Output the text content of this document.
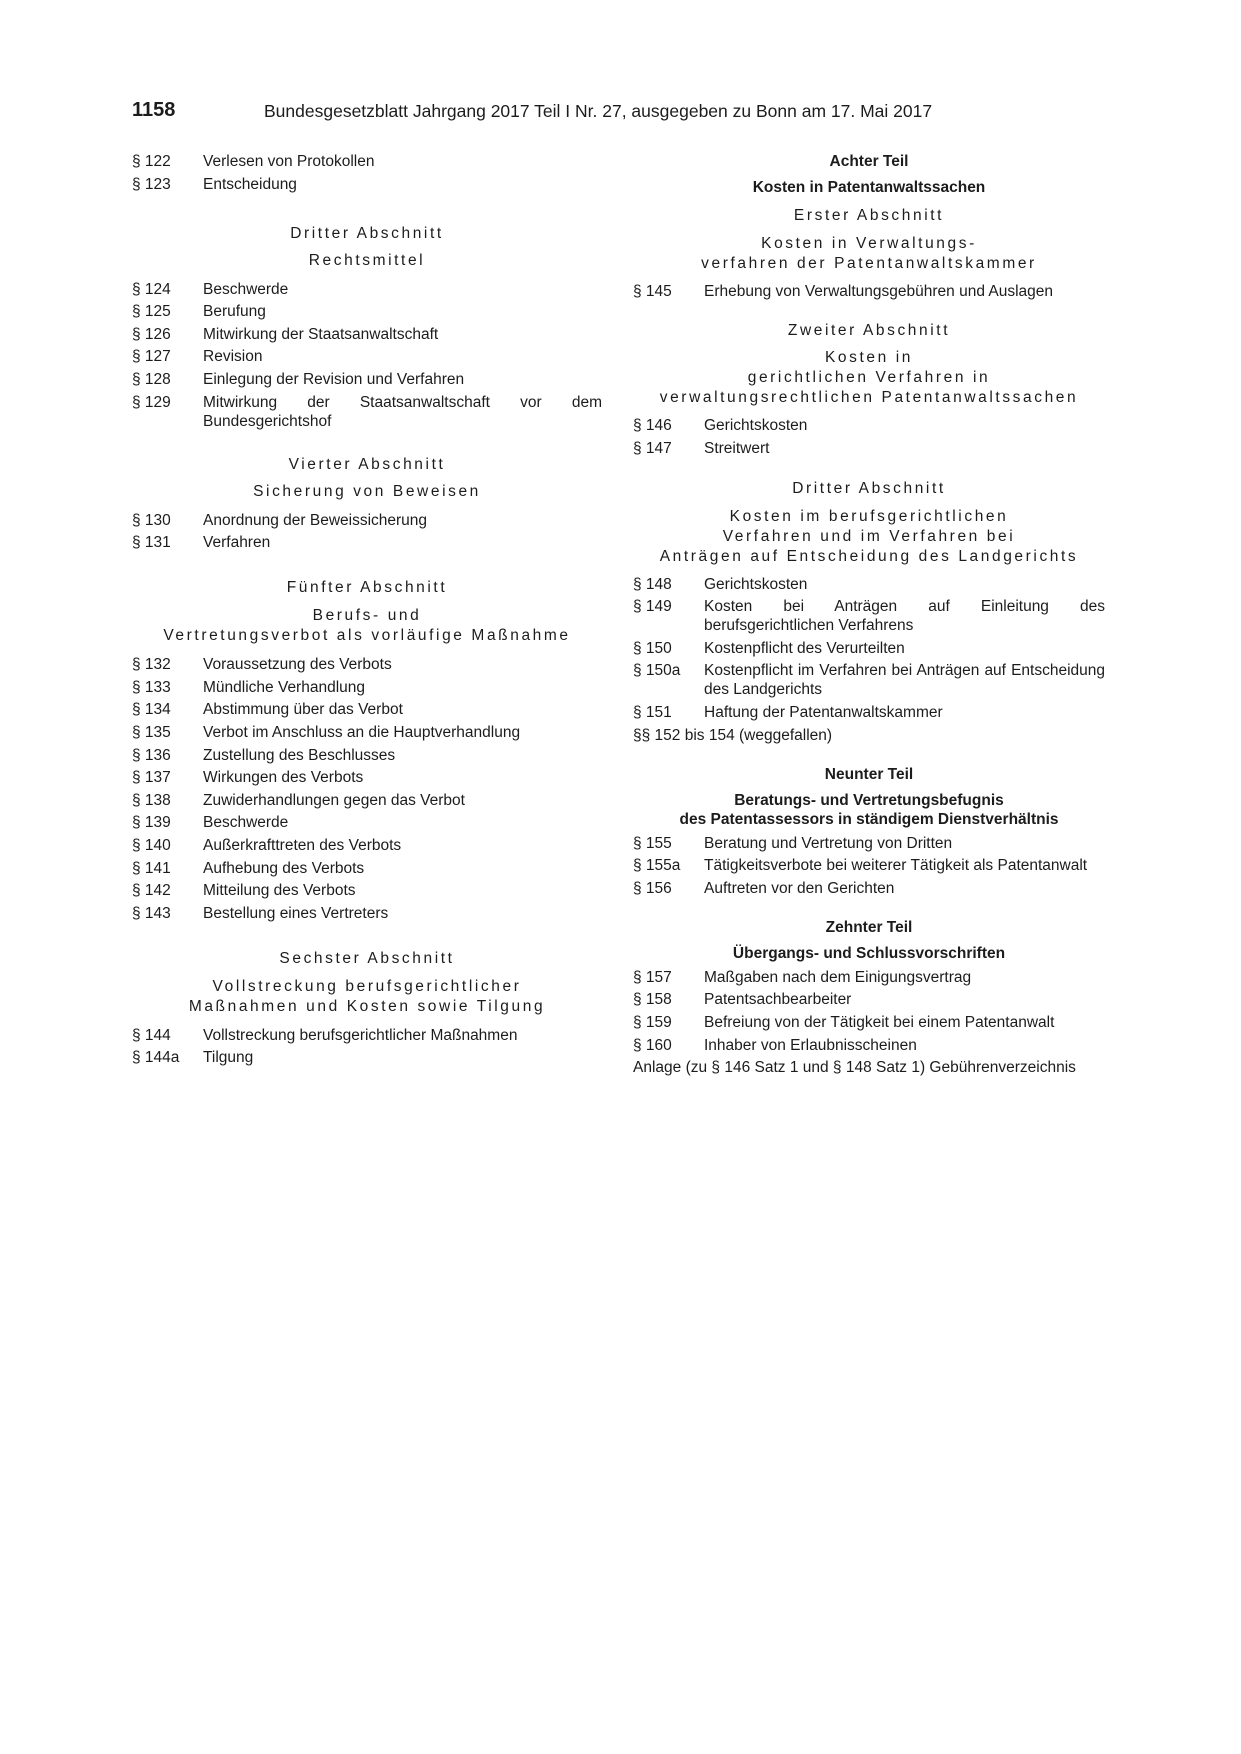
1158	Bundesgesetzblatt Jahrgang 2017 Teil I Nr. 27, ausgegeben zu Bonn am 17. Mai 2017
§ 122	Verlesen von Protokollen
§ 123	Entscheidung
Dritter Abschnitt
Rechtsmittel
§ 124	Beschwerde
§ 125	Berufung
§ 126	Mitwirkung der Staatsanwaltschaft
§ 127	Revision
§ 128	Einlegung der Revision und Verfahren
§ 129	Mitwirkung der Staatsanwaltschaft vor dem Bundesgerichtshof
Vierter Abschnitt
Sicherung von Beweisen
§ 130	Anordnung der Beweissicherung
§ 131	Verfahren
Fünfter Abschnitt
Berufs- und
Vertretungsverbot als vorläufige Maßnahme
§ 132	Voraussetzung des Verbots
§ 133	Mündliche Verhandlung
§ 134	Abstimmung über das Verbot
§ 135	Verbot im Anschluss an die Hauptverhandlung
§ 136	Zustellung des Beschlusses
§ 137	Wirkungen des Verbots
§ 138	Zuwiderhandlungen gegen das Verbot
§ 139	Beschwerde
§ 140	Außerkrafttreten des Verbots
§ 141	Aufhebung des Verbots
§ 142	Mitteilung des Verbots
§ 143	Bestellung eines Vertreters
Sechster Abschnitt
Vollstreckung berufsgerichtlicher
Maßnahmen und Kosten sowie Tilgung
§ 144	Vollstreckung berufsgerichtlicher Maßnahmen
§ 144a	Tilgung
Achter Teil
Kosten in Patentanwaltssachen
Erster Abschnitt
Kosten in Verwaltungs-
verfahren der Patentanwaltskammer
§ 145	Erhebung von Verwaltungsgebühren und Auslagen
Zweiter Abschnitt
Kosten in
gerichtlichen Verfahren in
verwaltungsrechtlichen Patentanwaltssachen
§ 146	Gerichtskosten
§ 147	Streitwert
Dritter Abschnitt
Kosten im berufsgerichtlichen
Verfahren und im Verfahren bei
Anträgen auf Entscheidung des Landgerichts
§ 148	Gerichtskosten
§ 149	Kosten bei Anträgen auf Einleitung des berufsgerichtlichen Verfahrens
§ 150	Kostenpflicht des Verurteilten
§ 150a	Kostenpflicht im Verfahren bei Anträgen auf Entscheidung des Landgerichts
§ 151	Haftung der Patentanwaltskammer
§§ 152 bis 154 (weggefallen)
Neunter Teil
Beratungs- und Vertretungsbefugnis
des Patentassessors in ständigem Dienstverhältnis
§ 155	Beratung und Vertretung von Dritten
§ 155a	Tätigkeitsverbote bei weiterer Tätigkeit als Patentanwalt
§ 156	Auftreten vor den Gerichten
Zehnter Teil
Übergangs- und Schlussvorschriften
§ 157	Maßgaben nach dem Einigungsvertrag
§ 158	Patentsachbearbeiter
§ 159	Befreiung von der Tätigkeit bei einem Patentanwalt
§ 160	Inhaber von Erlaubnisscheinen
Anlage (zu § 146 Satz 1 und § 148 Satz 1) Gebührenverzeichnis
